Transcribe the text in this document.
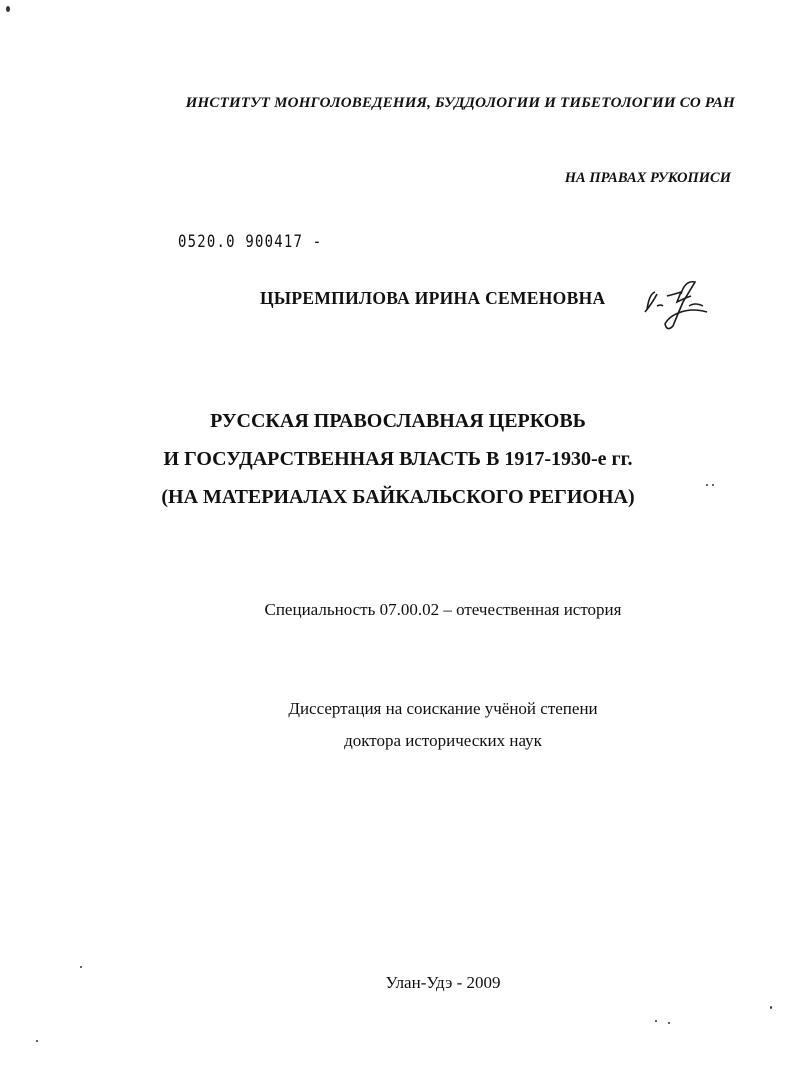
ИНСТИТУТ МОНГОЛОВЕДЕНИЯ, БУДДОЛОГИИ И ТИБЕТОЛОГИИ СО РАН
НА ПРАВАХ РУКОПИСИ
0520.0 900417 -
ЦЫРЕМПИЛОВА ИРИНА СЕМЕНОВНА
РУССКАЯ ПРАВОСЛАВНАЯ ЦЕРКОВЬ
И ГОСУДАРСТВЕННАЯ ВЛАСТЬ В 1917-1930-е гг.
(НА МАТЕРИАЛАХ БАЙКАЛЬСКОГО РЕГИОНА)
Специальность 07.00.02 – отечественная история
Диссертация на соискание учёной степени
доктора исторических наук
Улан-Удэ - 2009
